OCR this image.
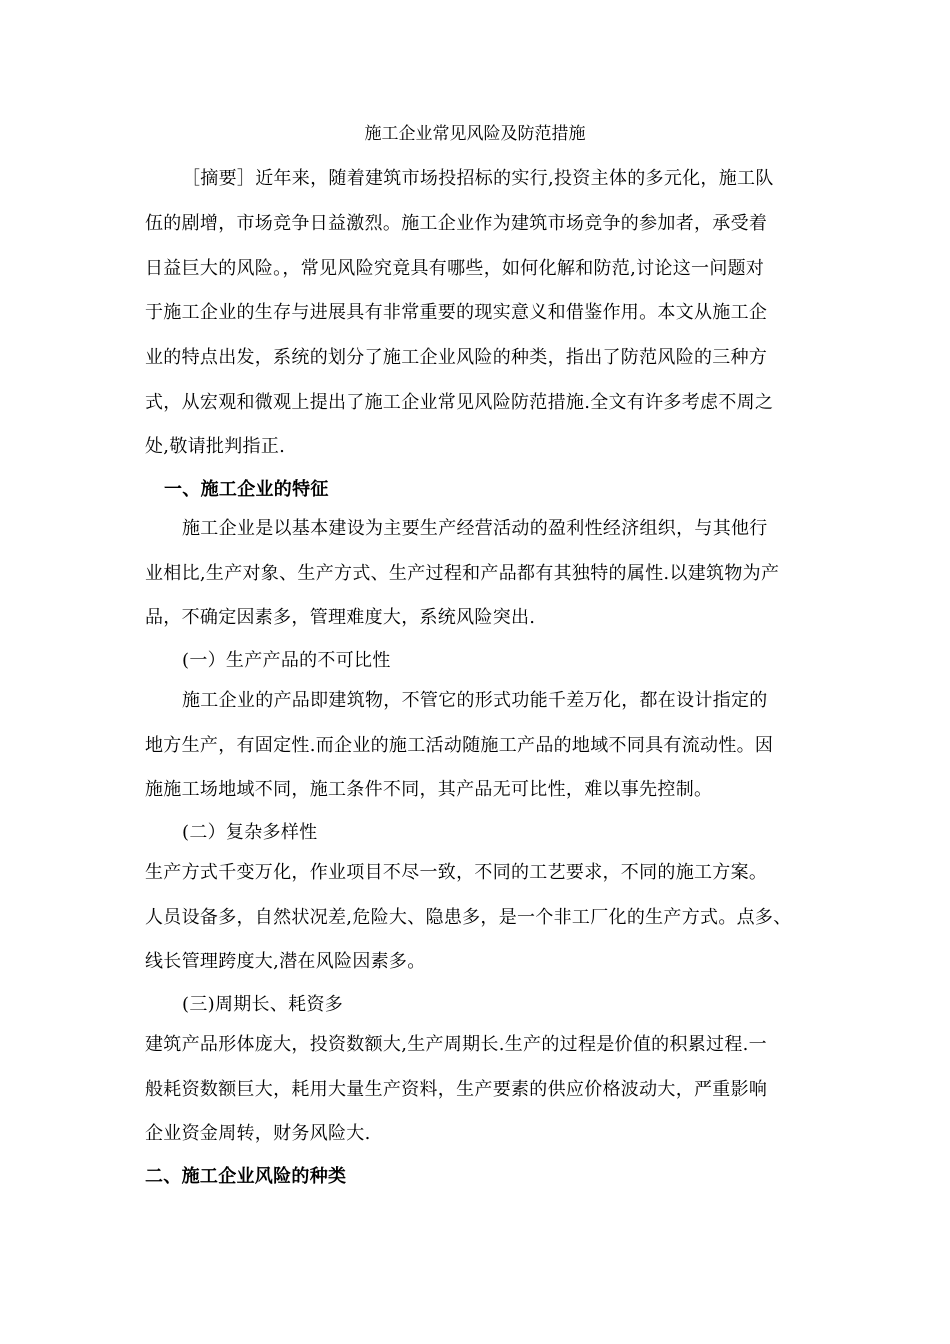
施工企业常见风险及防范措施
［摘要］近年来，随着建筑市场投招标的实行,投资主体的多元化，施工队
伍的剧增，市场竞争日益激烈。施工企业作为建筑市场竞争的参加者，承受着
日益巨大的风险。，常见风险究竟具有哪些，如何化解和防范,讨论这一问题对
于施工企业的生存与进展具有非常重要的现实意义和借鉴作用。本文从施工企
业的特点出发，系统的划分了施工企业风险的种类，指出了防范风险的三种方
式，从宏观和微观上提出了施工企业常见风险防范措施.全文有许多考虑不周之
处,敬请批判指正.
一、施工企业的特征
施工企业是以基本建设为主要生产经营活动的盈利性经济组织，与其他行
业相比,生产对象、生产方式、生产过程和产品都有其独特的属性.以建筑物为产
品，不确定因素多，管理难度大，系统风险突出.
(一）生产产品的不可比性
施工企业的产品即建筑物，不管它的形式功能千差万化，都在设计指定的
地方生产，有固定性.而企业的施工活动随施工产品的地域不同具有流动性。因
施施工场地域不同，施工条件不同，其产品无可比性，难以事先控制。
(二）复杂多样性
生产方式千变万化，作业项目不尽一致，不同的工艺要求，不同的施工方案。
人员设备多，自然状况差,危险大、隐患多，是一个非工厂化的生产方式。点多、
线长管理跨度大,潜在风险因素多。
(三)周期长、耗资多
建筑产品形体庞大，投资数额大,生产周期长.生产的过程是价值的积累过程.一
般耗资数额巨大，耗用大量生产资料，生产要素的供应价格波动大，严重影响
企业资金周转，财务风险大.
二、施工企业风险的种类
